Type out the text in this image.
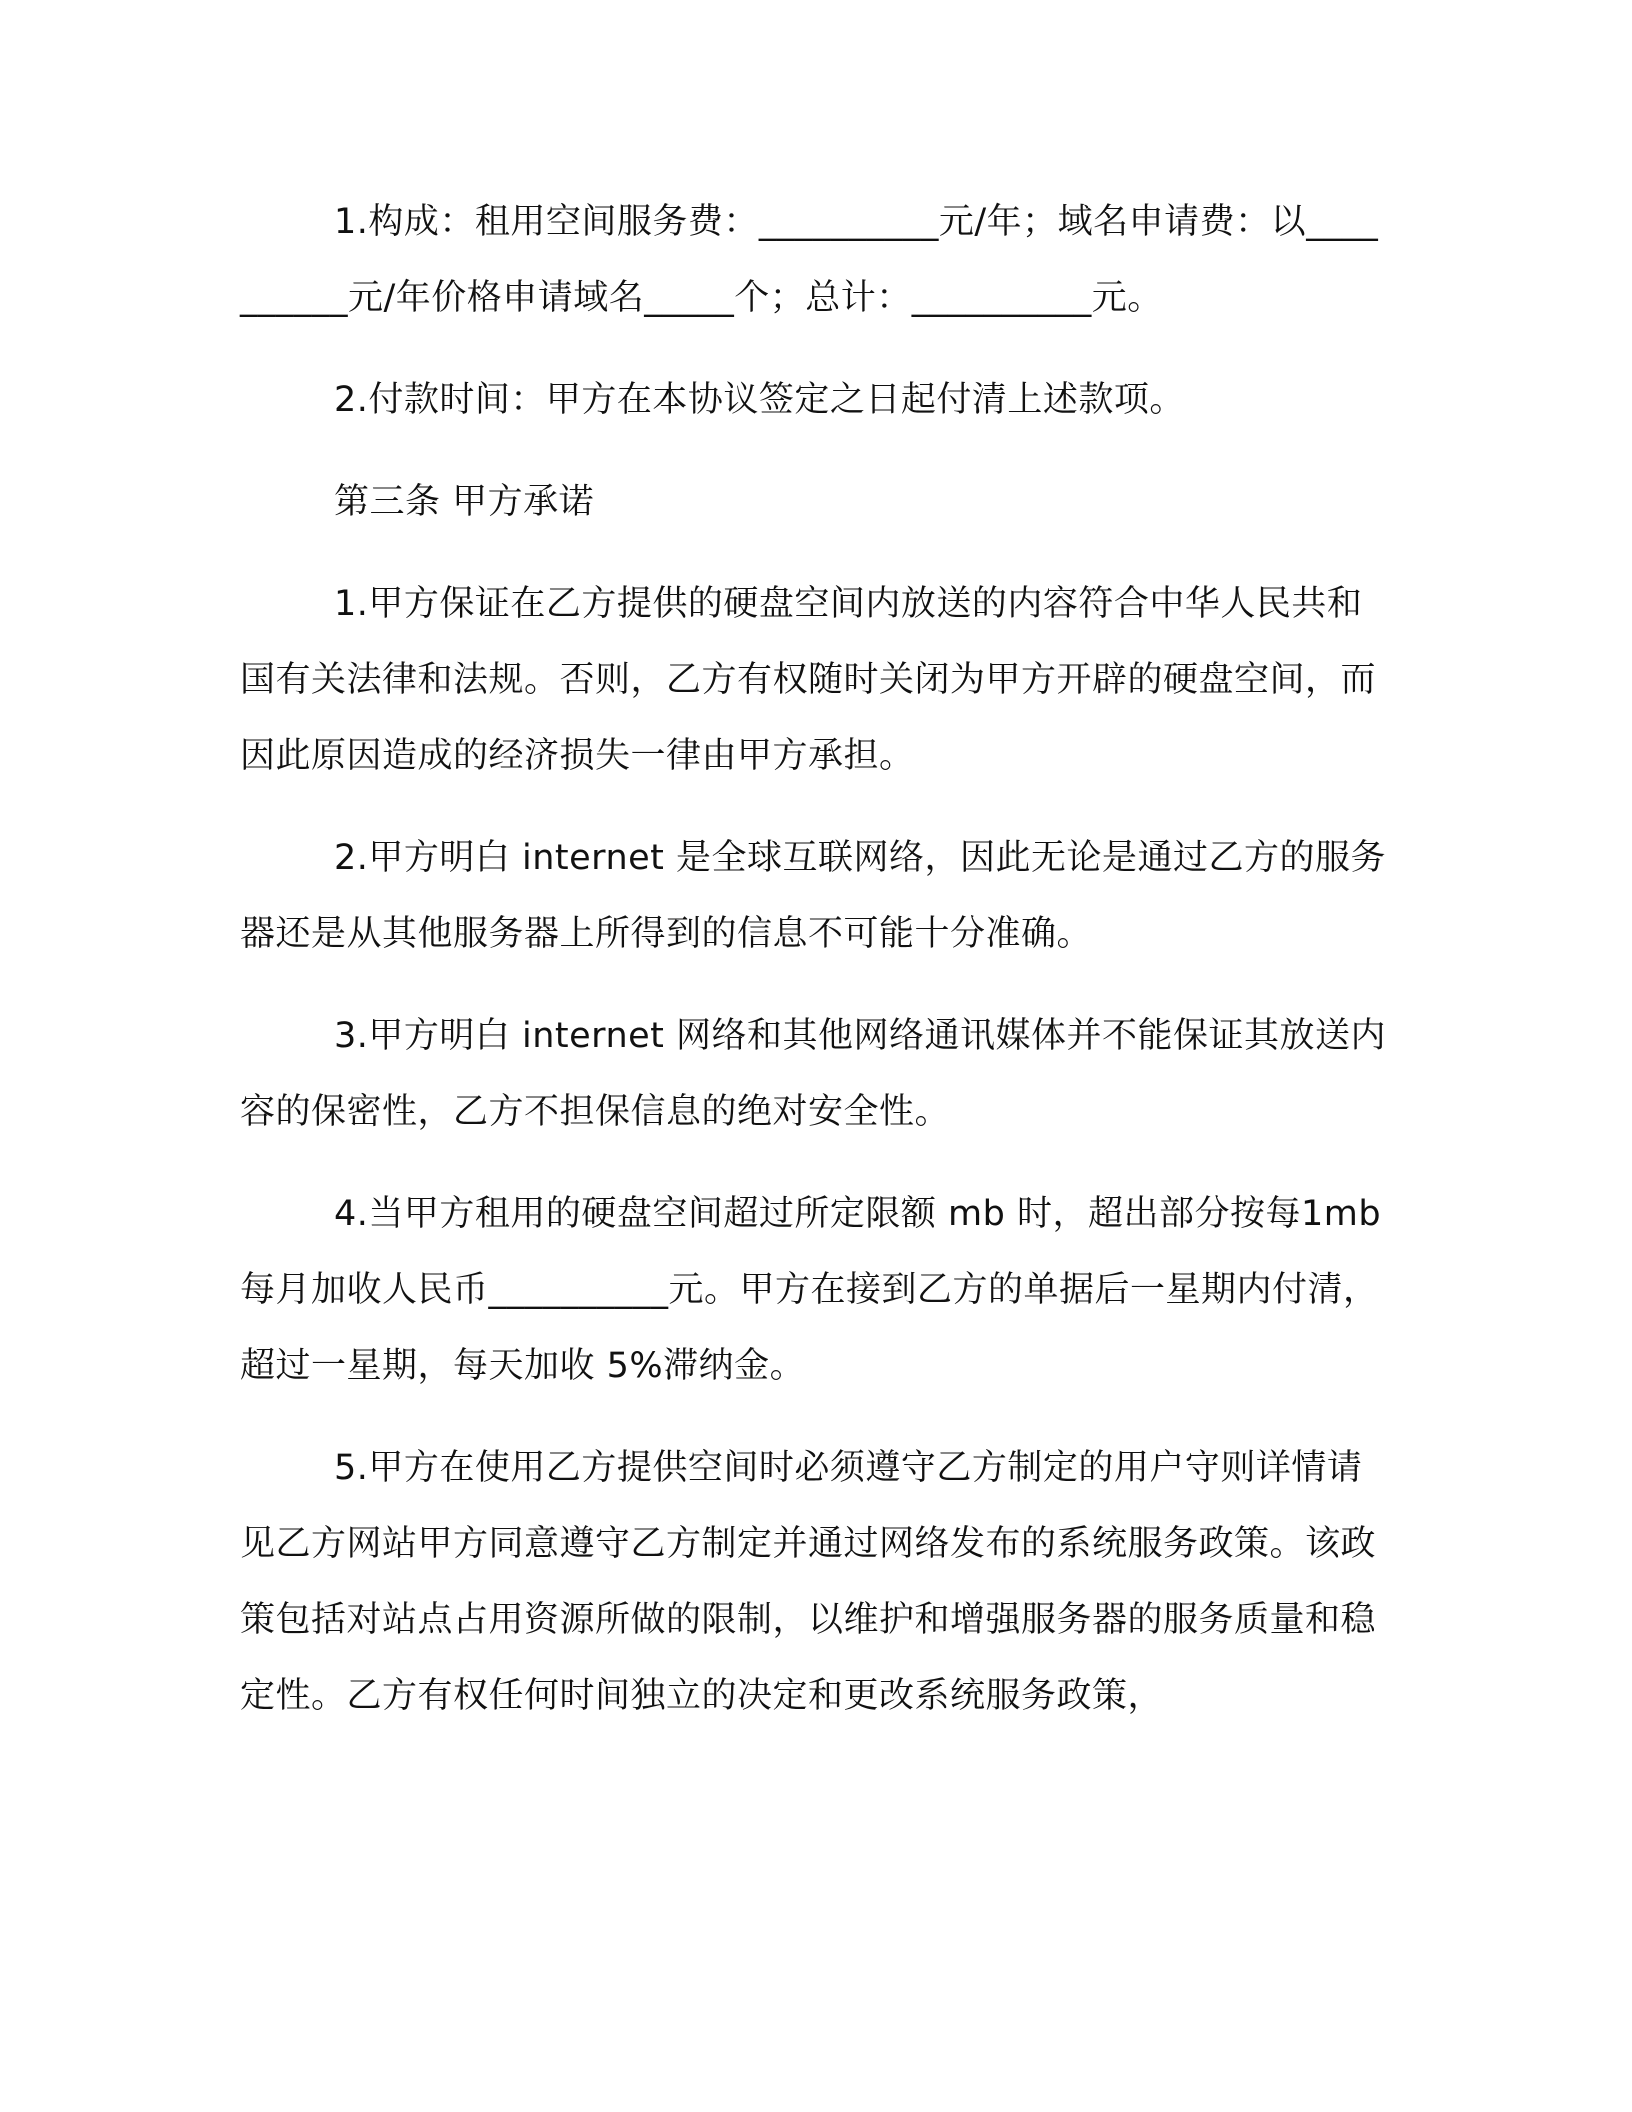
1.构成：租用空间服务费：__________元/年；域名申请费：以__________元/年价格申请域名_____个；总计：__________元。

2.付款时间：甲方在本协议签定之日起付清上述款项。

第三条 甲方承诺

1.甲方保证在乙方提供的硬盘空间内放送的内容符合中华人民共和国有关法律和法规。否则，乙方有权随时关闭为甲方开辟的硬盘空间，而因此原因造成的经济损失一律由甲方承担。

2.甲方明白 internet 是全球互联网络，因此无论是通过乙方的服务器还是从其他服务器上所得到的信息不可能十分准确。

3.甲方明白 internet 网络和其他网络通讯媒体并不能保证其放送内容的保密性，乙方不担保信息的绝对安全性。

4.当甲方租用的硬盘空间超过所定限额 mb 时，超出部分按每1mb 每月加收人民币__________元。甲方在接到乙方的单据后一星期内付清，超过一星期，每天加收 5%滞纳金。

5.甲方在使用乙方提供空间时必须遵守乙方制定的用户守则详情请见乙方网站甲方同意遵守乙方制定并通过网络发布的系统服务政策。该政策包括对站点占用资源所做的限制，以维护和增强服务器的服务质量和稳定性。乙方有权任何时间独立的决定和更改系统服务政策，
